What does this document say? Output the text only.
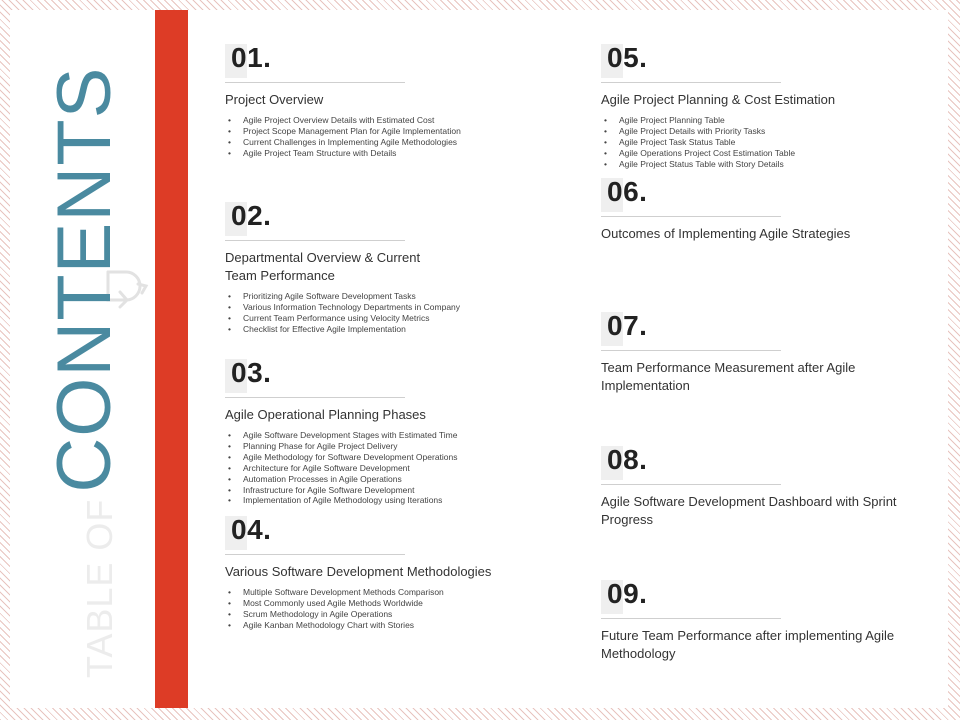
TABLE OF
CONTENTS
01.
Project Overview
• Agile Project Overview Details with Estimated Cost
• Project Scope Management Plan for Agile Implementation
• Current Challenges in Implementing Agile Methodologies
• Agile Project Team Structure with Details
02.
Departmental Overview & Current
Team Performance
• Prioritizing Agile Software Development Tasks
• Various Information Technology Departments in Company
• Current Team Performance using Velocity Metrics
• Checklist for Effective Agile Implementation
03.
Agile Operational Planning Phases
• Agile Software Development Stages with Estimated Time
• Planning Phase for Agile Project Delivery
• Agile Methodology for Software Development Operations
• Architecture for Agile Software Development
• Automation Processes in Agile Operations
• Infrastructure for Agile Software Development
• Implementation of Agile Methodology using Iterations
04.
Various Software Development Methodologies
• Multiple Software Development Methods Comparison
• Most Commonly used Agile Methods Worldwide
• Scrum Methodology in Agile Operations
• Agile Kanban Methodology Chart with Stories
05.
Agile Project Planning & Cost Estimation
• Agile Project Planning Table
• Agile Project Details with Priority Tasks
• Agile Project Task Status Table
• Agile Operations Project Cost Estimation Table
• Agile Project Status Table with Story Details
06.
Outcomes of Implementing Agile Strategies
07.
Team Performance Measurement after Agile
Implementation
08.
Agile Software Development Dashboard with Sprint
Progress
09.
Future Team Performance after implementing Agile
Methodology
